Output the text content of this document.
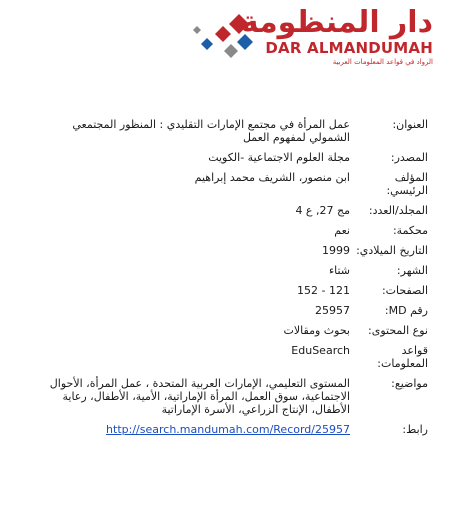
دار المنظومة
DAR ALMANDUMAH
الرواد في قواعد المعلومات العربية
العنوان:
عمل المرأة في مجتمع الإمارات التقليدي : المنظور المجتمعي الشمولي لمفهوم العمل
المصدر:
مجلة العلوم الاجتماعية -الكويت
المؤلف الرئيسي:
ابن منصور، الشريف محمد إبراهيم
المجلد/العدد:
مج 27, ع 4
محكمة:
نعم
التاريخ الميلادي:
1999
الشهر:
شتاء
الصفحات:
121 - 152
رقم MD:
25957
نوع المحتوى:
بحوث ومقالات
قواعد المعلومات:
EduSearch
مواضيع:
المستوى التعليمي، الإمارات العربية المتحدة ، عمل المرأة، الأحوال الاجتماعية، سوق العمل، المرأة الإماراتية، الأمية، الأطفال، رعاية الأطفال، الإنتاج الزراعي، الأسرة الإماراتية
رابط:
http://search.mandumah.com/Record/25957
